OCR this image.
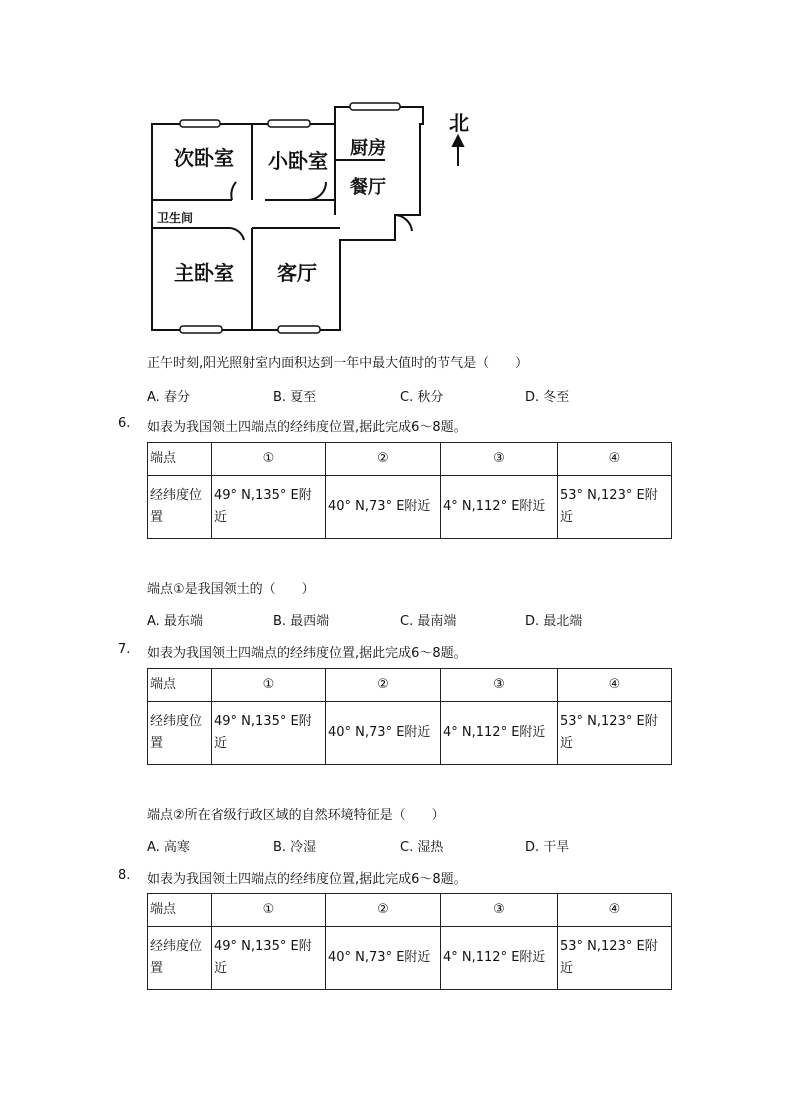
次卧室 小卧室
厨房
餐厅
卫生间
主卧室 客厅
北
正午时刻,阳光照射室内面积达到一年中最大值时的节气是（　　）
A. 春分	B. 夏至	C. 秋分	D. 冬至
6. 如表为我国领土四端点的经纬度位置,据此完成6～8题。
端点	①	②	③	④
经纬度位置	49° N,135° E附近	40° N,73° E附近	4° N,112° E附近	53° N,123° E附近
端点①是我国领土的（　　）
A. 最东端	B. 最西端	C. 最南端	D. 最北端
7. 如表为我国领土四端点的经纬度位置,据此完成6～8题。
端点	①	②	③	④
经纬度位置	49° N,135° E附近	40° N,73° E附近	4° N,112° E附近	53° N,123° E附近
端点②所在省级行政区域的自然环境特征是（　　）
A. 高寒	B. 冷湿	C. 湿热	D. 干旱
8. 如表为我国领土四端点的经纬度位置,据此完成6～8题。
端点	①	②	③	④
经纬度位置	49° N,135° E附近	40° N,73° E附近	4° N,112° E附近	53° N,123° E附近
